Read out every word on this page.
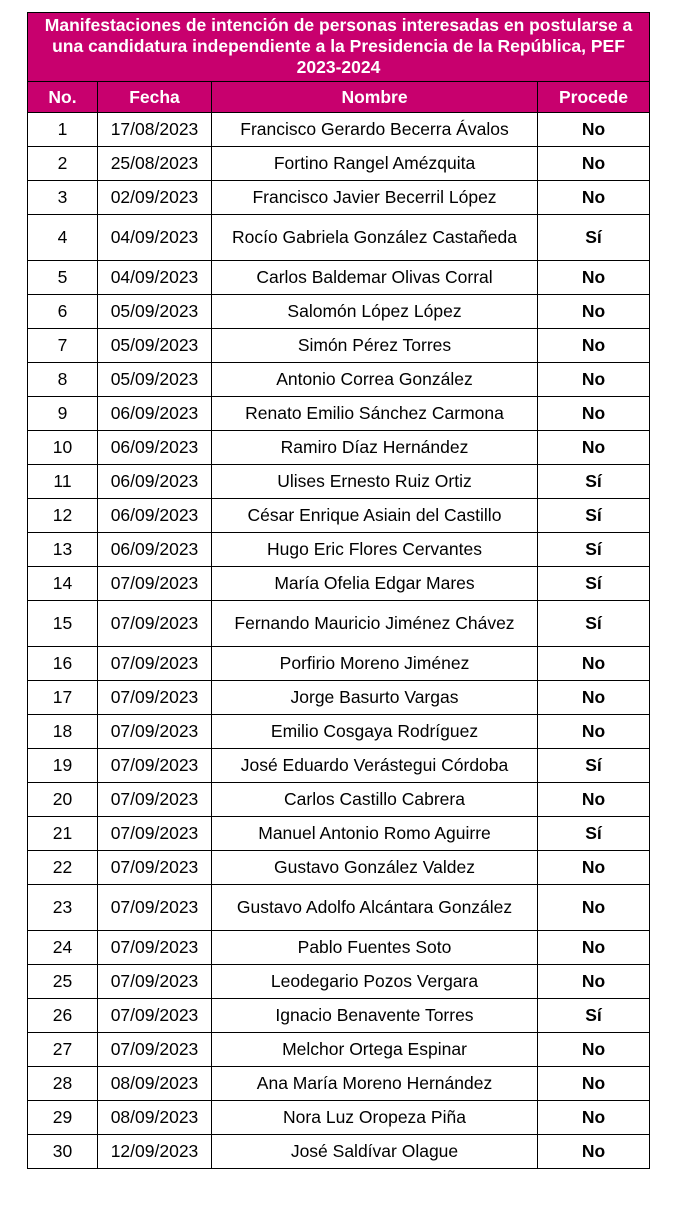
Manifestaciones de intención de personas interesadas en postularse a una candidatura independiente a la Presidencia de la República, PEF 2023-2024			
No.	Fecha	Nombre	Procede
1	17/08/2023	Francisco Gerardo Becerra Ávalos	No
2	25/08/2023	Fortino Rangel Amézquita	No
3	02/09/2023	Francisco Javier Becerril López	No
4	04/09/2023	Rocío Gabriela González Castañeda	Sí
5	04/09/2023	Carlos Baldemar Olivas Corral	No
6	05/09/2023	Salomón López López	No
7	05/09/2023	Simón Pérez Torres	No
8	05/09/2023	Antonio Correa González	No
9	06/09/2023	Renato Emilio Sánchez Carmona	No
10	06/09/2023	Ramiro Díaz Hernández	No
11	06/09/2023	Ulises Ernesto Ruiz Ortiz	Sí
12	06/09/2023	César Enrique Asiain del Castillo	Sí
13	06/09/2023	Hugo Eric Flores Cervantes	Sí
14	07/09/2023	María Ofelia Edgar Mares	Sí
15	07/09/2023	Fernando Mauricio Jiménez Chávez	Sí
16	07/09/2023	Porfirio Moreno Jiménez	No
17	07/09/2023	Jorge Basurto Vargas	No
18	07/09/2023	Emilio Cosgaya Rodríguez	No
19	07/09/2023	José Eduardo Verástegui Córdoba	Sí
20	07/09/2023	Carlos Castillo Cabrera	No
21	07/09/2023	Manuel Antonio Romo Aguirre	Sí
22	07/09/2023	Gustavo González Valdez	No
23	07/09/2023	Gustavo Adolfo Alcántara González	No
24	07/09/2023	Pablo Fuentes Soto	No
25	07/09/2023	Leodegario Pozos Vergara	No
26	07/09/2023	Ignacio Benavente Torres	Sí
27	07/09/2023	Melchor Ortega Espinar	No
28	08/09/2023	Ana María Moreno Hernández	No
29	08/09/2023	Nora Luz Oropeza Piña	No
30	12/09/2023	José Saldívar Olague	No
